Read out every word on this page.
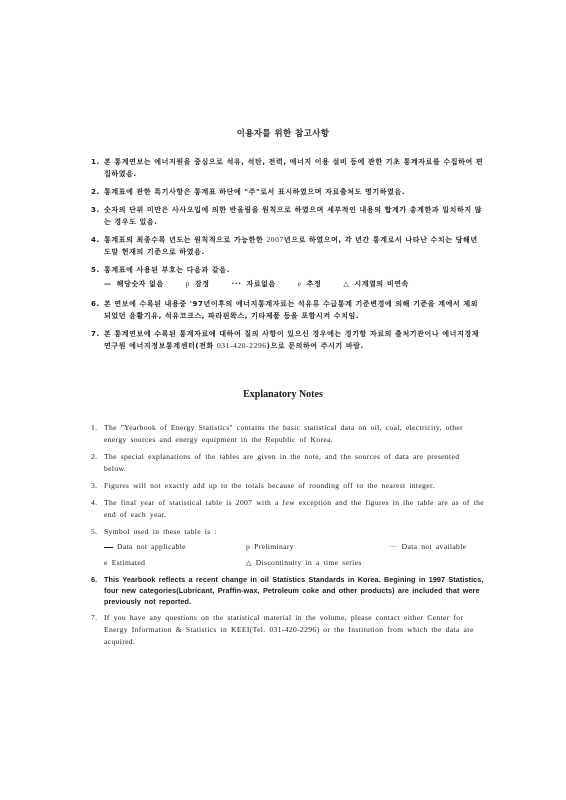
이용자를 위한 참고사항
1. 본 통계연보는 에너지원을 중심으로 석유, 석탄, 전력, 에너지 이용 설비 등에 관한 기초 통계자료를 수집하여 편집하였음.
2. 통계표에 관한 특기사항은 통계표 하단에 "주"로서 표시하였으며 자료출처도 명기하였음.
3. 숫자의 단위 미만은 사사오입에 의한 반올림을 원칙으로 하였으며 세부적인 내용의 합계가 총계한과 일치하지 않는 경우도 있음.
4. 통계표의 최종수록 년도는 원칙적으로 가능한한 2007년으로 하였으며, 각 년간 통계로서 나타난 수치는 당해년도말 현재의 기준으로 하였음.
5. 통계표에 사용된 부호는 다음과 같음.
— 해당숫자 없음	p 잠정	··· 자료없음	e 추정	△ 시계열의 비연속
6. 본 연보에 수록된 내용중 '97년이후의 에너지통계자료는 석유류 수급통계 기준변경에 의해 기준을 계에서 제외되었던 윤활기유, 석유코크스, 파라핀왁스, 기타제품 등을 포함시켜 수치임.
7. 본 통계연보에 수록된 통계자료에 대하여 질의 사항이 있으신 경우에는 경기항 자료의 출처기관이나 에너지경제연구원 에너지정보통계센터(전화 031-420-2296)으로 문의하여 주시기 바람.
Explanatory Notes
1. The "Yearbook of Energy Statistics" contains the basic statistical data on oil, coal, electricity, other energy sources and energy equipment in the Republic of Korea.
2. The special explanations of the tables are given in the note, and the sources of data are presented below.
3. Figures will not exactly add up to the totals because of rounding off to the nearest integer.
4. The final year of statistical table is 2007 with a few exception and the figures in the table are as of the end of each year.
5. Symbol used in these table is :
Data not applicable	p Preliminary	··· Data not available
e Estimated	△ Discontinuity in a time series
6. This Yearbook reflects a recent change in oil Statistics Standards in Korea. Begining in 1997 Statistics, four new categories(Lubricant, Praffin-wax, Petroleum coke and other products) are included that were previously not reported.
7. If you have any questions on the statistical material in the volume, please contact either Center for Energy Information & Statistics in KEEI(Tel. 031-420-2296) or the Institution from which the data are acquired.
